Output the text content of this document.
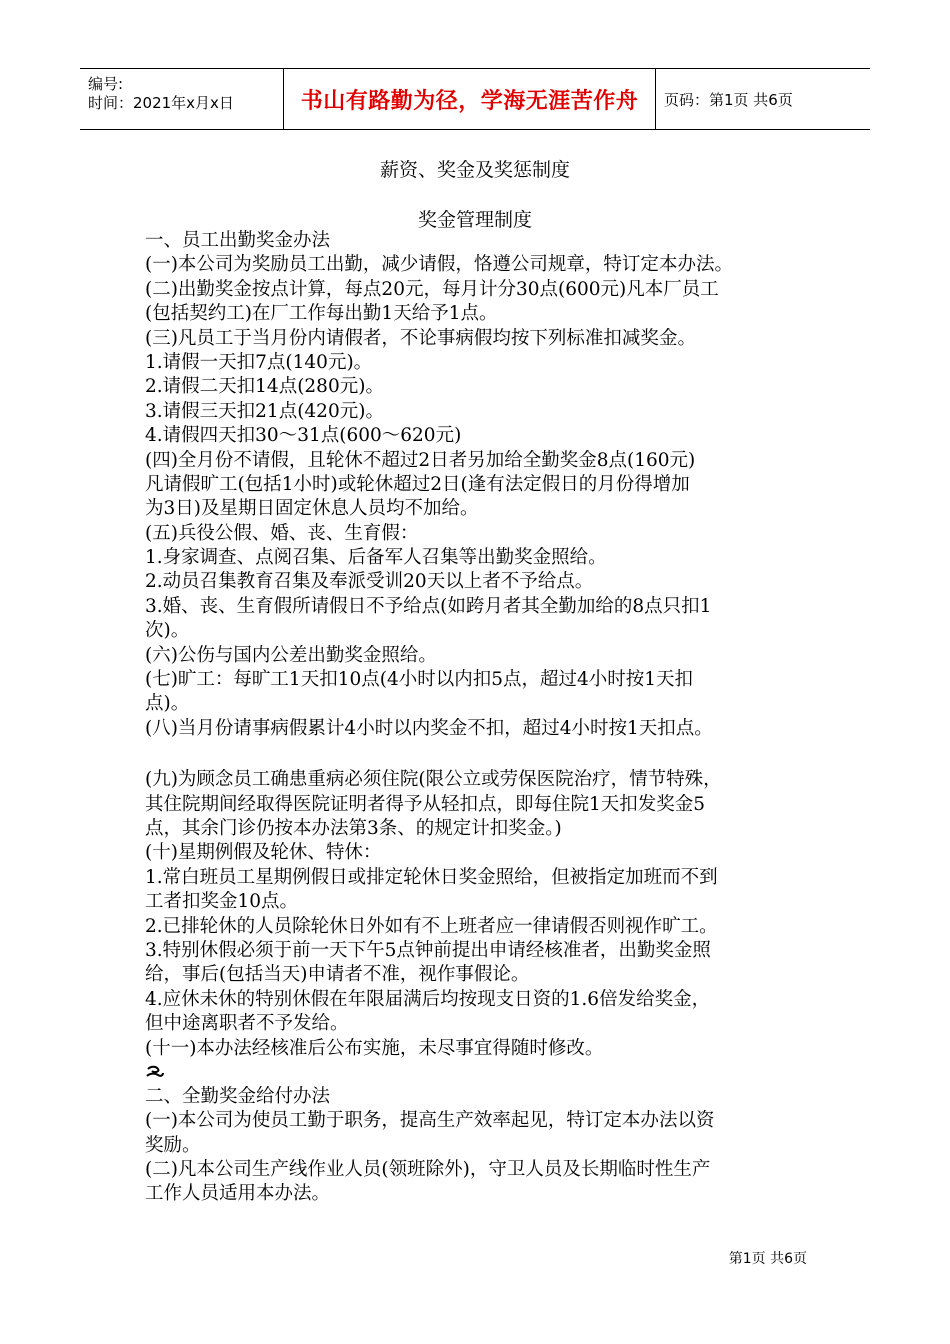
编号:
时间：2021年x月x日	书山有路勤为径，学海无涯苦作舟	页码：第1页 共6页
薪资、奖金及奖惩制度
奖金管理制度
一、员工出勤奖金办法
(一)本公司为奖励员工出勤，减少请假，恪遵公司规章，特订定本办法。
(二)出勤奖金按点计算，每点20元，每月计分30点(600元)凡本厂员工
(包括契约工)在厂工作每出勤1天给予1点。
(三)凡员工于当月份内请假者，不论事病假均按下列标准扣减奖金。
1.请假一天扣7点(140元)。
2.请假二天扣14点(280元)。
3.请假三天扣21点(420元)。
4.请假四天扣30～31点(600～620元)
(四)全月份不请假，且轮休不超过2日者另加给全勤奖金8点(160元)
凡请假旷工(包括1小时)或轮休超过2日(逢有法定假日的月份得增加
为3日)及星期日固定休息人员均不加给。
(五)兵役公假、婚、丧、生育假：
1.身家调查、点阅召集、后备军人召集等出勤奖金照给。
2.动员召集教育召集及奉派受训20天以上者不予给点。
3.婚、丧、生育假所请假日不予给点(如跨月者其全勤加给的8点只扣1
次)。
(六)公伤与国内公差出勤奖金照给。
(七)旷工：每旷工1天扣10点(4小时以内扣5点，超过4小时按1天扣
点)。
(八)当月份请事病假累计4小时以内奖金不扣，超过4小时按1天扣点。
(九)为顾念员工确患重病必须住院(限公立或劳保医院治疗，情节特殊，
其住院期间经取得医院证明者得予从轻扣点，即每住院1天扣发奖金5
点，其余门诊仍按本办法第3条、的规定计扣奖金。)
(十)星期例假及轮休、特休：
1.常白班员工星期例假日或排定轮休日奖金照给，但被指定加班而不到
工者扣奖金10点。
2.已排轮休的人员除轮休日外如有不上班者应一律请假否则视作旷工。
3.特别休假必须于前一天下午5点钟前提出申请经核准者，出勤奖金照
给，事后(包括当天)申请者不准，视作事假论。
4.应休未休的特别休假在年限届满后均按现支日资的1.6倍发给奖金，
但中途离职者不予发给。
(十一)本办法经核准后公布实施，未尽事宜得随时修改。
二、全勤奖金给付办法
(一)本公司为使员工勤于职务，提高生产效率起见，特订定本办法以资
奖励。
(二)凡本公司生产线作业人员(领班除外)，守卫人员及长期临时性生产
工作人员适用本办法。
第1页 共6页
